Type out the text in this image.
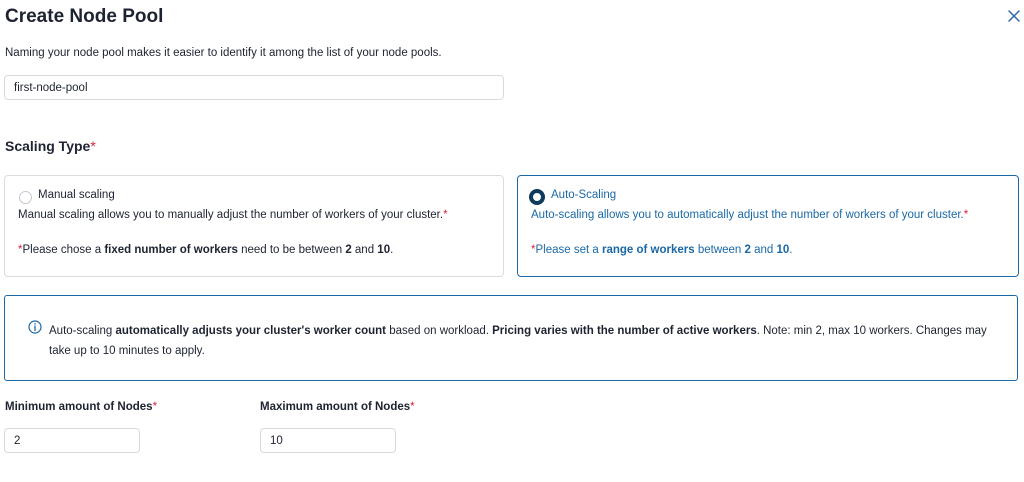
Create Node Pool
Naming your node pool makes it easier to identify it among the list of your node pools.
first-node-pool
Scaling Type*
Manual scaling
Manual scaling allows you to manually adjust the number of workers of your cluster.*
*Please chose a fixed number of workers need to be between 2 and 10.
Auto-Scaling
Auto-scaling allows you to automatically adjust the number of workers of your cluster.*
*Please set a range of workers between 2 and 10.
Auto-scaling automatically adjusts your cluster's worker count based on workload. Pricing varies with the number of active workers. Note: min 2, max 10 workers. Changes may take up to 10 minutes to apply.
Minimum amount of Nodes*
2	Maximum amount of Nodes*
10
